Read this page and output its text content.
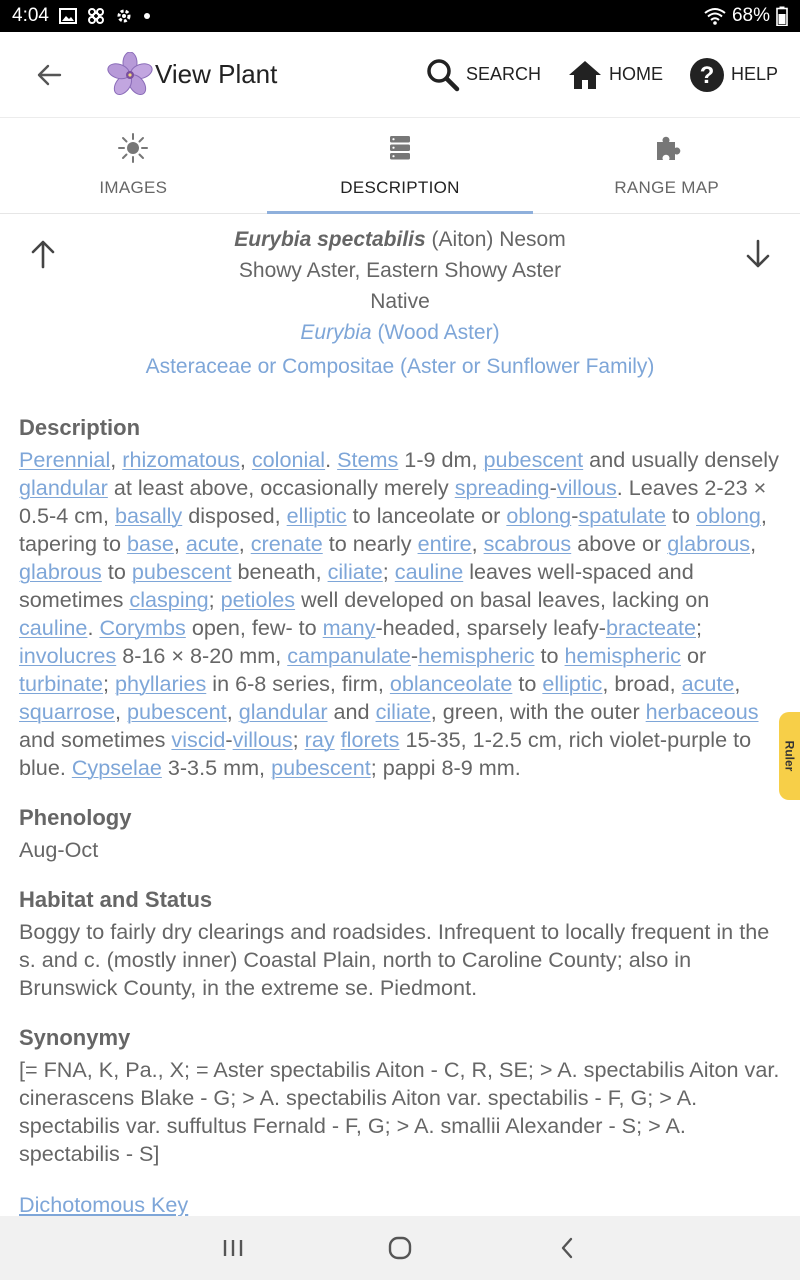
4:04	68%
View Plant	SEARCH	HOME ? HELP
IMAGES	DESCRIPTION	RANGE MAP
Eurybia spectabilis (Aiton) Nesom
Showy Aster, Eastern Showy Aster
Native
Eurybia (Wood Aster)
Asteraceae or Compositae (Aster or Sunflower Family)
Description
Perennial, rhizomatous, colonial. Stems 1-9 dm, pubescent and usually densely glandular at least above, occasionally merely spreading-villous. Leaves 2-23 × 0.5-4 cm, basally disposed, elliptic to lanceolate or oblong-spatulate to oblong, tapering to base, acute, crenate to nearly entire, scabrous above or glabrous, glabrous to pubescent beneath, ciliate; cauline leaves well-spaced and sometimes clasping; petioles well developed on basal leaves, lacking on cauline. Corymbs open, few- to many-headed, sparsely leafy-bracteate; involucres 8-16 × 8-20 mm, campanulate-hemispheric to hemispheric or turbinate; phyllaries in 6-8 series, firm, oblanceolate to elliptic, broad, acute, squarrose, pubescent, glandular and ciliate, green, with the outer herbaceous and sometimes viscid-villous; ray florets 15-35, 1-2.5 cm, rich violet-purple to blue. Cypselae 3-3.5 mm, pubescent; pappi 8-9 mm.
Phenology
Aug-Oct
Habitat and Status
Boggy to fairly dry clearings and roadsides. Infrequent to locally frequent in the s. and c. (mostly inner) Coastal Plain, north to Caroline County; also in Brunswick County, in the extreme se. Piedmont.
Synonymy
[= FNA, K, Pa., X; = Aster spectabilis Aiton - C, R, SE; > A. spectabilis Aiton var. cinerascens Blake - G; > A. spectabilis Aiton var. spectabilis - F, G; > A. spectabilis var. suffultus Fernald - F, G; > A. smallii Alexander - S; > A. spectabilis - S]
Dichotomous Key
Ruler
